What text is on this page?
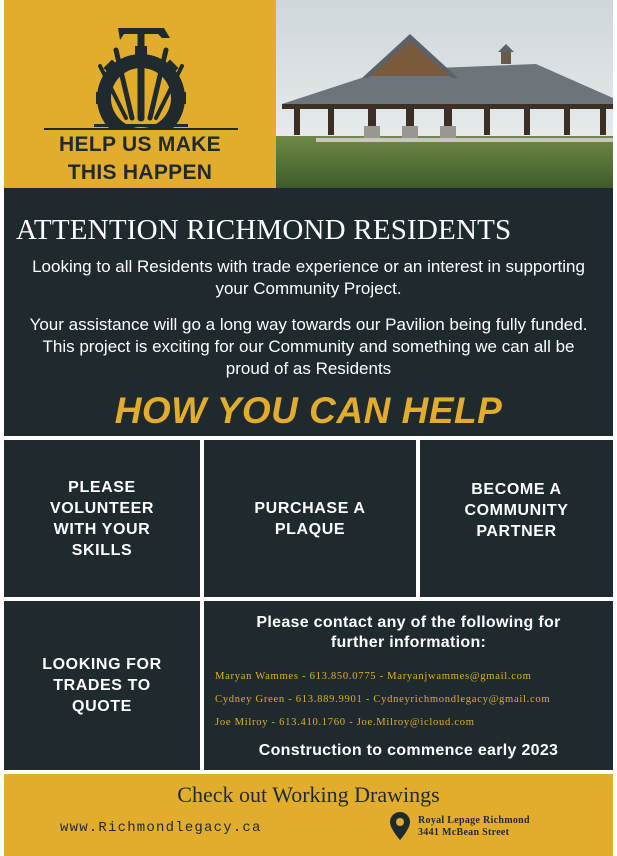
HELP US MAKE
THIS HAPPEN
ATTENTION RICHMOND RESIDENTS
Looking to all Residents with trade experience or an interest in supporting
your Community Project.
Your assistance will go a long way towards our Pavilion being fully funded.
This project is exciting for our Community and something we can all be
proud of as Residents
HOW YOU CAN HELP
PLEASE
VOLUNTEER
WITH YOUR
SKILLS
PURCHASE A
PLAQUE
BECOME A
COMMUNITY
PARTNER
LOOKING FOR
TRADES TO
QUOTE
Please contact any of the following for
further information:
Maryan Wammes - 613.850.0775 - Maryanjwammes@gmail.com
Cydney Green - 613.889.9901 - Cydneyrichmondlegacy@gmail.com
Joe Milroy - 613.410.1760 - Joe.Milroy@icloud.com
Construction to commence early 2023
Check out Working Drawings
www.Richmondlegacy.ca	Royal Lepage Richmond
3441 McBean Street
